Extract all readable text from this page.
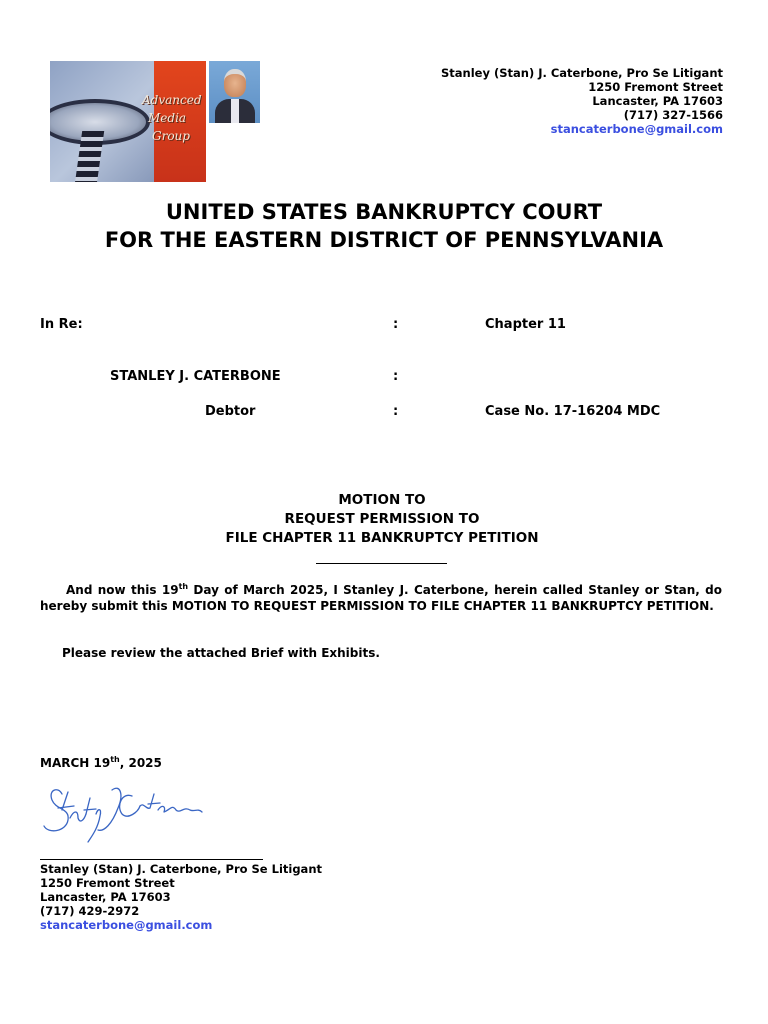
Advanced
Media
Group
Stanley (Stan) J. Caterbone, Pro Se Litigant
1250 Fremont Street
Lancaster, PA 17603
(717) 327-1566
stancaterbone@gmail.com
UNITED STATES BANKRUPTCY COURT
FOR THE EASTERN DISTRICT OF PENNSYLVANIA
In Re:	:	Chapter 11
STANLEY J. CATERBONE	:
Debtor	:	Case No. 17-16204 MDC
MOTION TO
REQUEST PERMISSION TO
FILE CHAPTER 11 BANKRUPTCY PETITION
And now this 19th Day of March 2025, I Stanley J. Caterbone, herein called Stanley or Stan, do hereby submit this MOTION TO REQUEST PERMISSION TO FILE CHAPTER 11 BANKRUPTCY PETITION.
Please review the attached Brief with Exhibits.
MARCH 19th, 2025
Stanley (Stan) J. Caterbone, Pro Se Litigant
1250 Fremont Street
Lancaster, PA 17603
(717) 429-2972
stancaterbone@gmail.com
